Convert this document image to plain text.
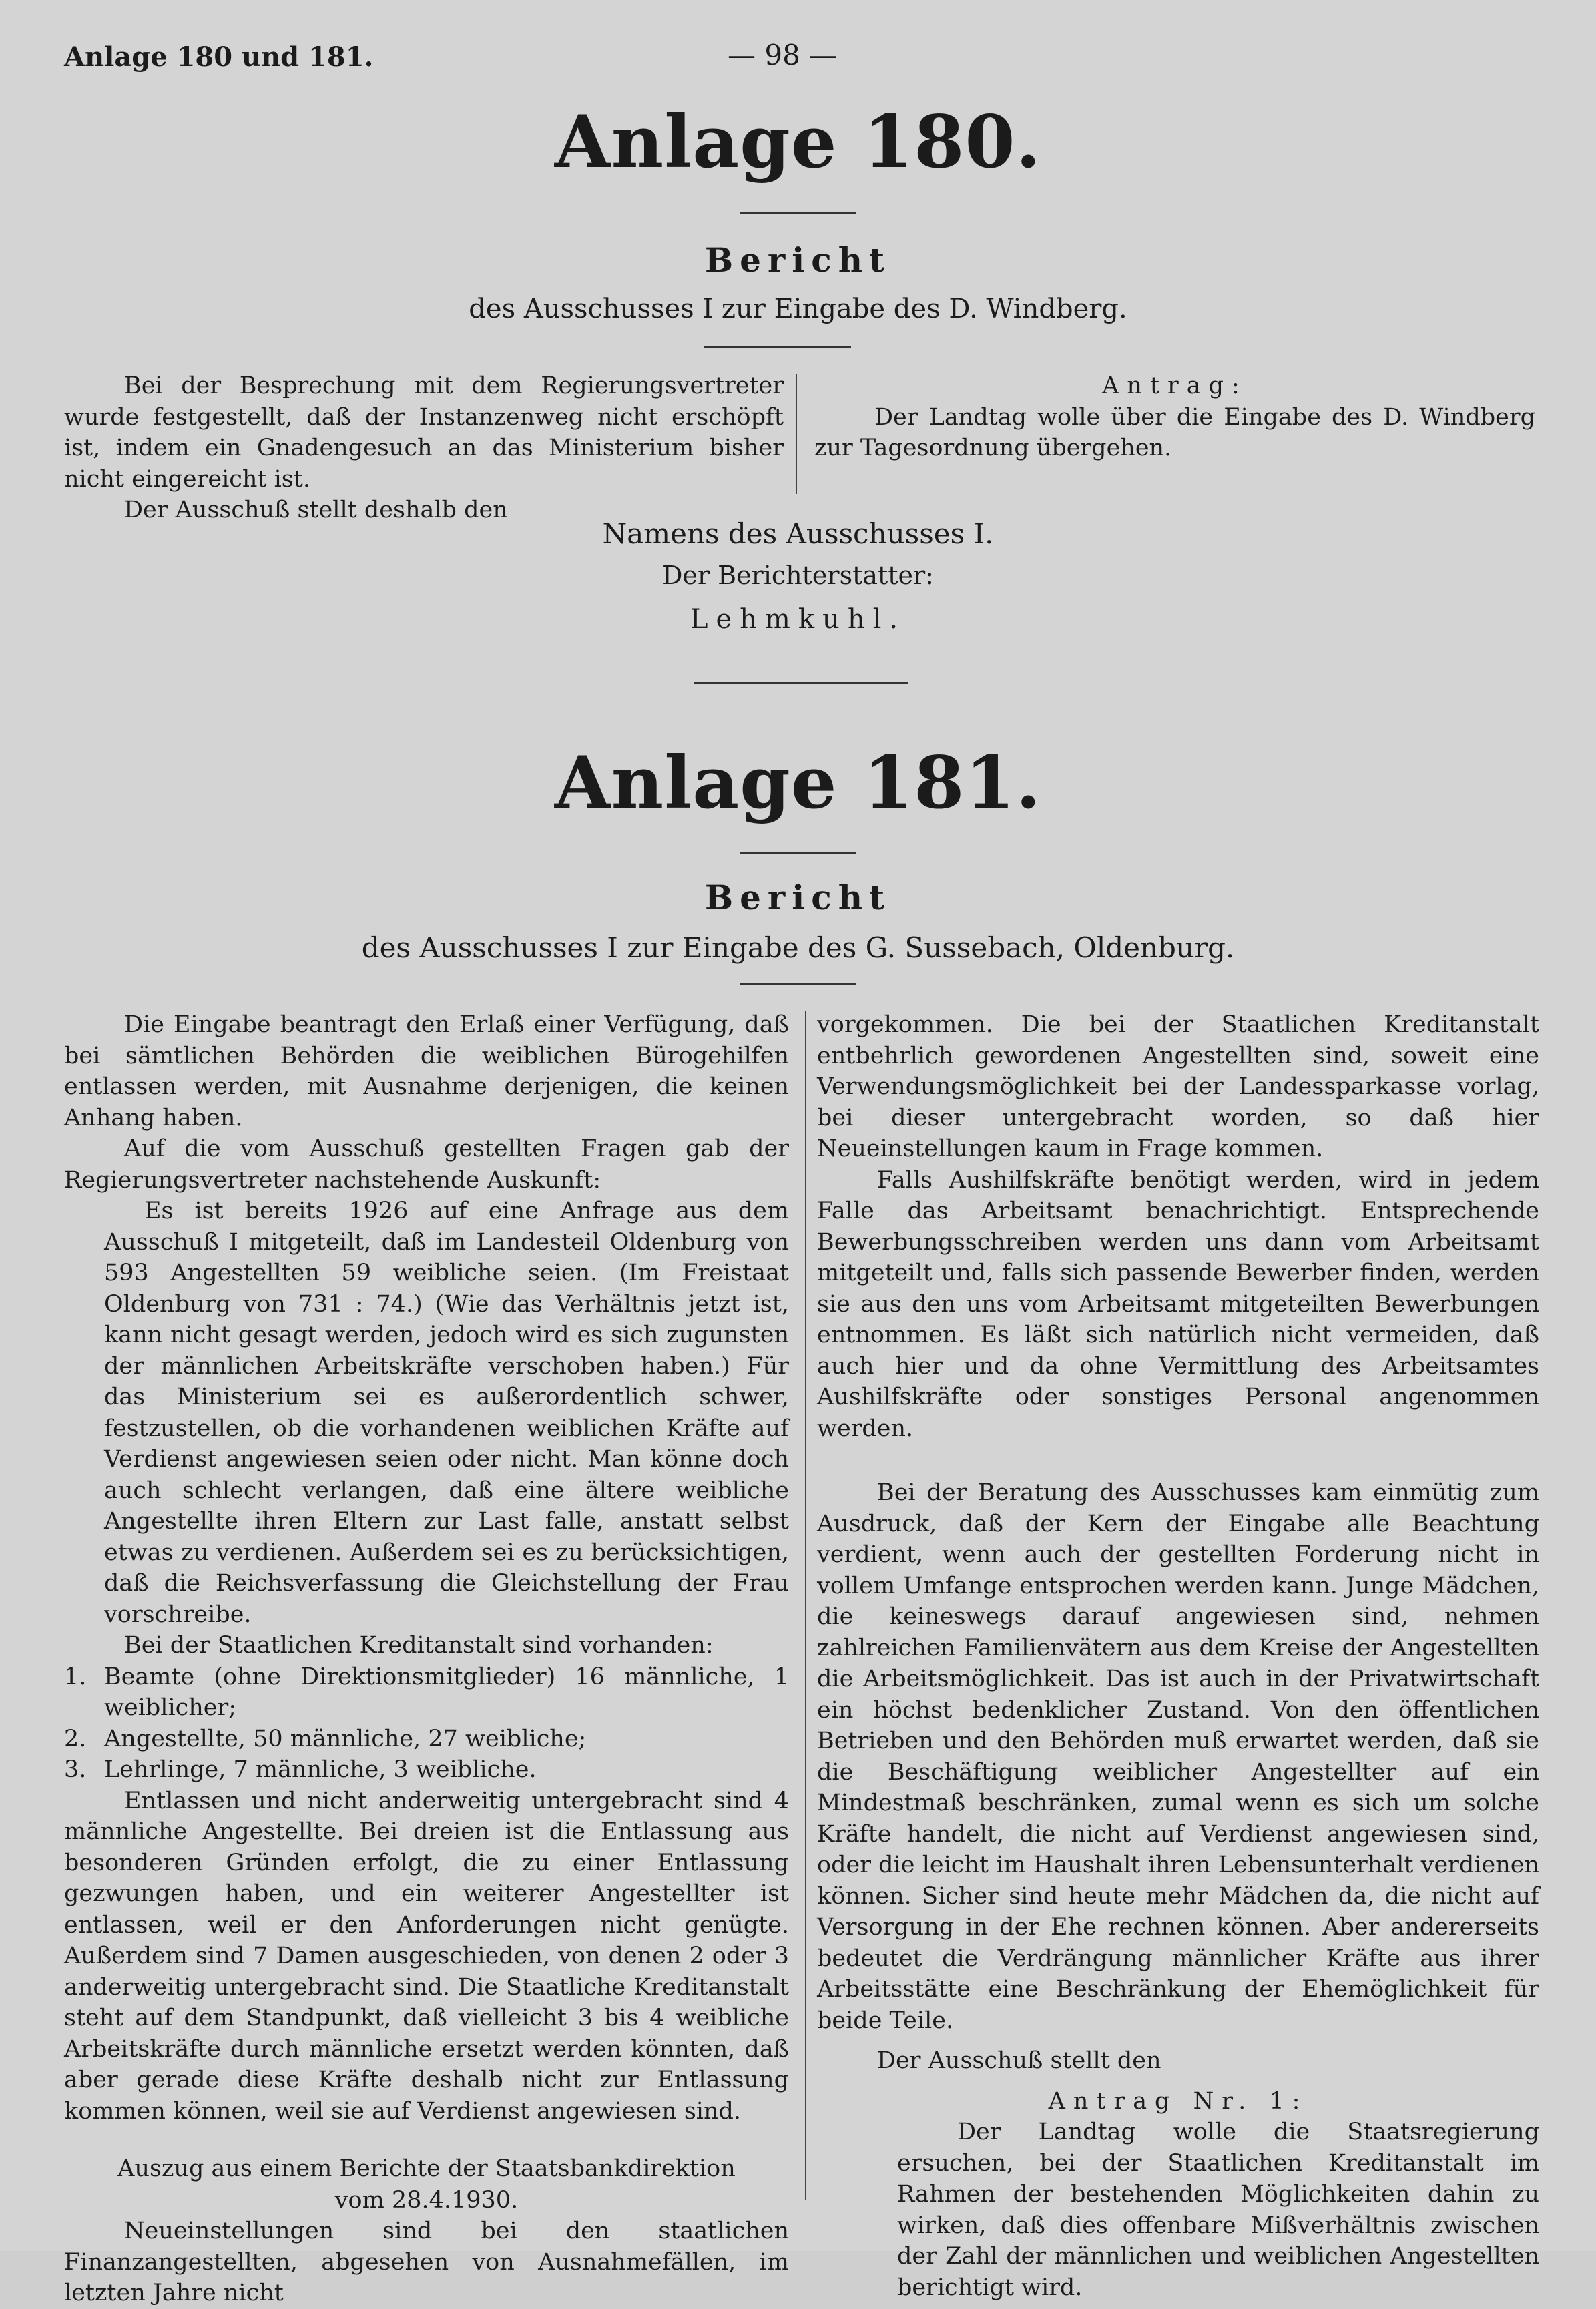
Anlage 180 und 181.	— 98 —
Anlage 180.
Bericht
des Ausschusses I zur Eingabe des D. Windberg.

Bei der Besprechung mit dem Regierungsvertreter wurde festgestellt, daß der Instanzenweg nicht erschöpft ist, indem ein Gnadengesuch an das Ministerium bisher nicht eingereicht ist.

Der Ausschuß stellt deshalb den

Antrag:

Der Landtag wolle über die Eingabe des D. Windberg zur Tagesordnung übergehen.

Namens des Ausschusses I.
Der Berichterstatter:
Lehmkuhl.
Anlage 181.
Bericht
des Ausschusses I zur Eingabe des G. Sussebach, Oldenburg.

Die Eingabe beantragt den Erlaß einer Verfügung, daß bei sämtlichen Behörden die weiblichen Bürogehilfen entlassen werden, mit Ausnahme derjenigen, die keinen Anhang haben.

Auf die vom Ausschuß gestellten Fragen gab der Regierungsvertreter nachstehende Auskunft:

Es ist bereits 1926 auf eine Anfrage aus dem Ausschuß I mitgeteilt, daß im Landesteil Oldenburg von 593 Angestellten 59 weibliche seien. (Im Freistaat Oldenburg von 731 : 74.) (Wie das Verhältnis jetzt ist, kann nicht gesagt werden, jedoch wird es sich zugunsten der männlichen Arbeitskräfte verschoben haben.) Für das Ministerium sei es außerordentlich schwer, festzustellen, ob die vorhandenen weiblichen Kräfte auf Verdienst angewiesen seien oder nicht. Man könne doch auch schlecht verlangen, daß eine ältere weibliche Angestellte ihren Eltern zur Last falle, anstatt selbst etwas zu verdienen. Außerdem sei es zu berücksichtigen, daß die Reichsverfassung die Gleichstellung der Frau vorschreibe.

Bei der Staatlichen Kreditanstalt sind vorhanden:

1. Beamte (ohne Direktionsmitglieder) 16 männliche, 1 weiblicher;
2. Angestellte, 50 männliche, 27 weibliche;
3. Lehrlinge, 7 männliche, 3 weibliche.

Entlassen und nicht anderweitig untergebracht sind 4 männliche Angestellte. Bei dreien ist die Entlassung aus besonderen Gründen erfolgt, die zu einer Entlassung gezwungen haben, und ein weiterer Angestellter ist entlassen, weil er den Anforderungen nicht genügte. Außerdem sind 7 Damen ausgeschieden, von denen 2 oder 3 anderweitig untergebracht sind. Die Staatliche Kreditanstalt steht auf dem Standpunkt, daß vielleicht 3 bis 4 weibliche Arbeitskräfte durch männliche ersetzt werden könnten, daß aber gerade diese Kräfte deshalb nicht zur Entlassung kommen können, weil sie auf Verdienst angewiesen sind.

Auszug aus einem Berichte der Staatsbankdirektion

vom 28.4.1930.

Neueinstellungen sind bei den staatlichen Finanzangestellten, abgesehen von Ausnahmefällen, im letzten Jahre nicht

vorgekommen. Die bei der Staatlichen Kreditanstalt entbehrlich gewordenen Angestellten sind, soweit eine Verwendungsmöglichkeit bei der Landessparkasse vorlag, bei dieser untergebracht worden, so daß hier Neueinstellungen kaum in Frage kommen.

Falls Aushilfskräfte benötigt werden, wird in jedem Falle das Arbeitsamt benachrichtigt. Entsprechende Bewerbungsschreiben werden uns dann vom Arbeitsamt mitgeteilt und, falls sich passende Bewerber finden, werden sie aus den uns vom Arbeitsamt mitgeteilten Bewerbungen entnommen. Es läßt sich natürlich nicht vermeiden, daß auch hier und da ohne Vermittlung des Arbeitsamtes Aushilfskräfte oder sonstiges Personal angenommen werden.

Bei der Beratung des Ausschusses kam einmütig zum Ausdruck, daß der Kern der Eingabe alle Beachtung verdient, wenn auch der gestellten Forderung nicht in vollem Umfange entsprochen werden kann. Junge Mädchen, die keineswegs darauf angewiesen sind, nehmen zahlreichen Familienvätern aus dem Kreise der Angestellten die Arbeitsmöglichkeit. Das ist auch in der Privatwirtschaft ein höchst bedenklicher Zustand. Von den öffentlichen Betrieben und den Behörden muß erwartet werden, daß sie die Beschäftigung weiblicher Angestellter auf ein Mindestmaß beschränken, zumal wenn es sich um solche Kräfte handelt, die nicht auf Verdienst angewiesen sind, oder die leicht im Haushalt ihren Lebensunterhalt verdienen können. Sicher sind heute mehr Mädchen da, die nicht auf Versorgung in der Ehe rechnen können. Aber andererseits bedeutet die Verdrängung männlicher Kräfte aus ihrer Arbeitsstätte eine Beschränkung der Ehemöglichkeit für beide Teile.

Der Ausschuß stellt den

Antrag Nr. 1:

Der Landtag wolle die Staatsregierung ersuchen, bei der Staatlichen Kreditanstalt im Rahmen der bestehenden Möglichkeiten dahin zu wirken, daß dies offenbare Mißverhältnis zwischen der Zahl der männlichen und weiblichen Angestellten berichtigt wird.
